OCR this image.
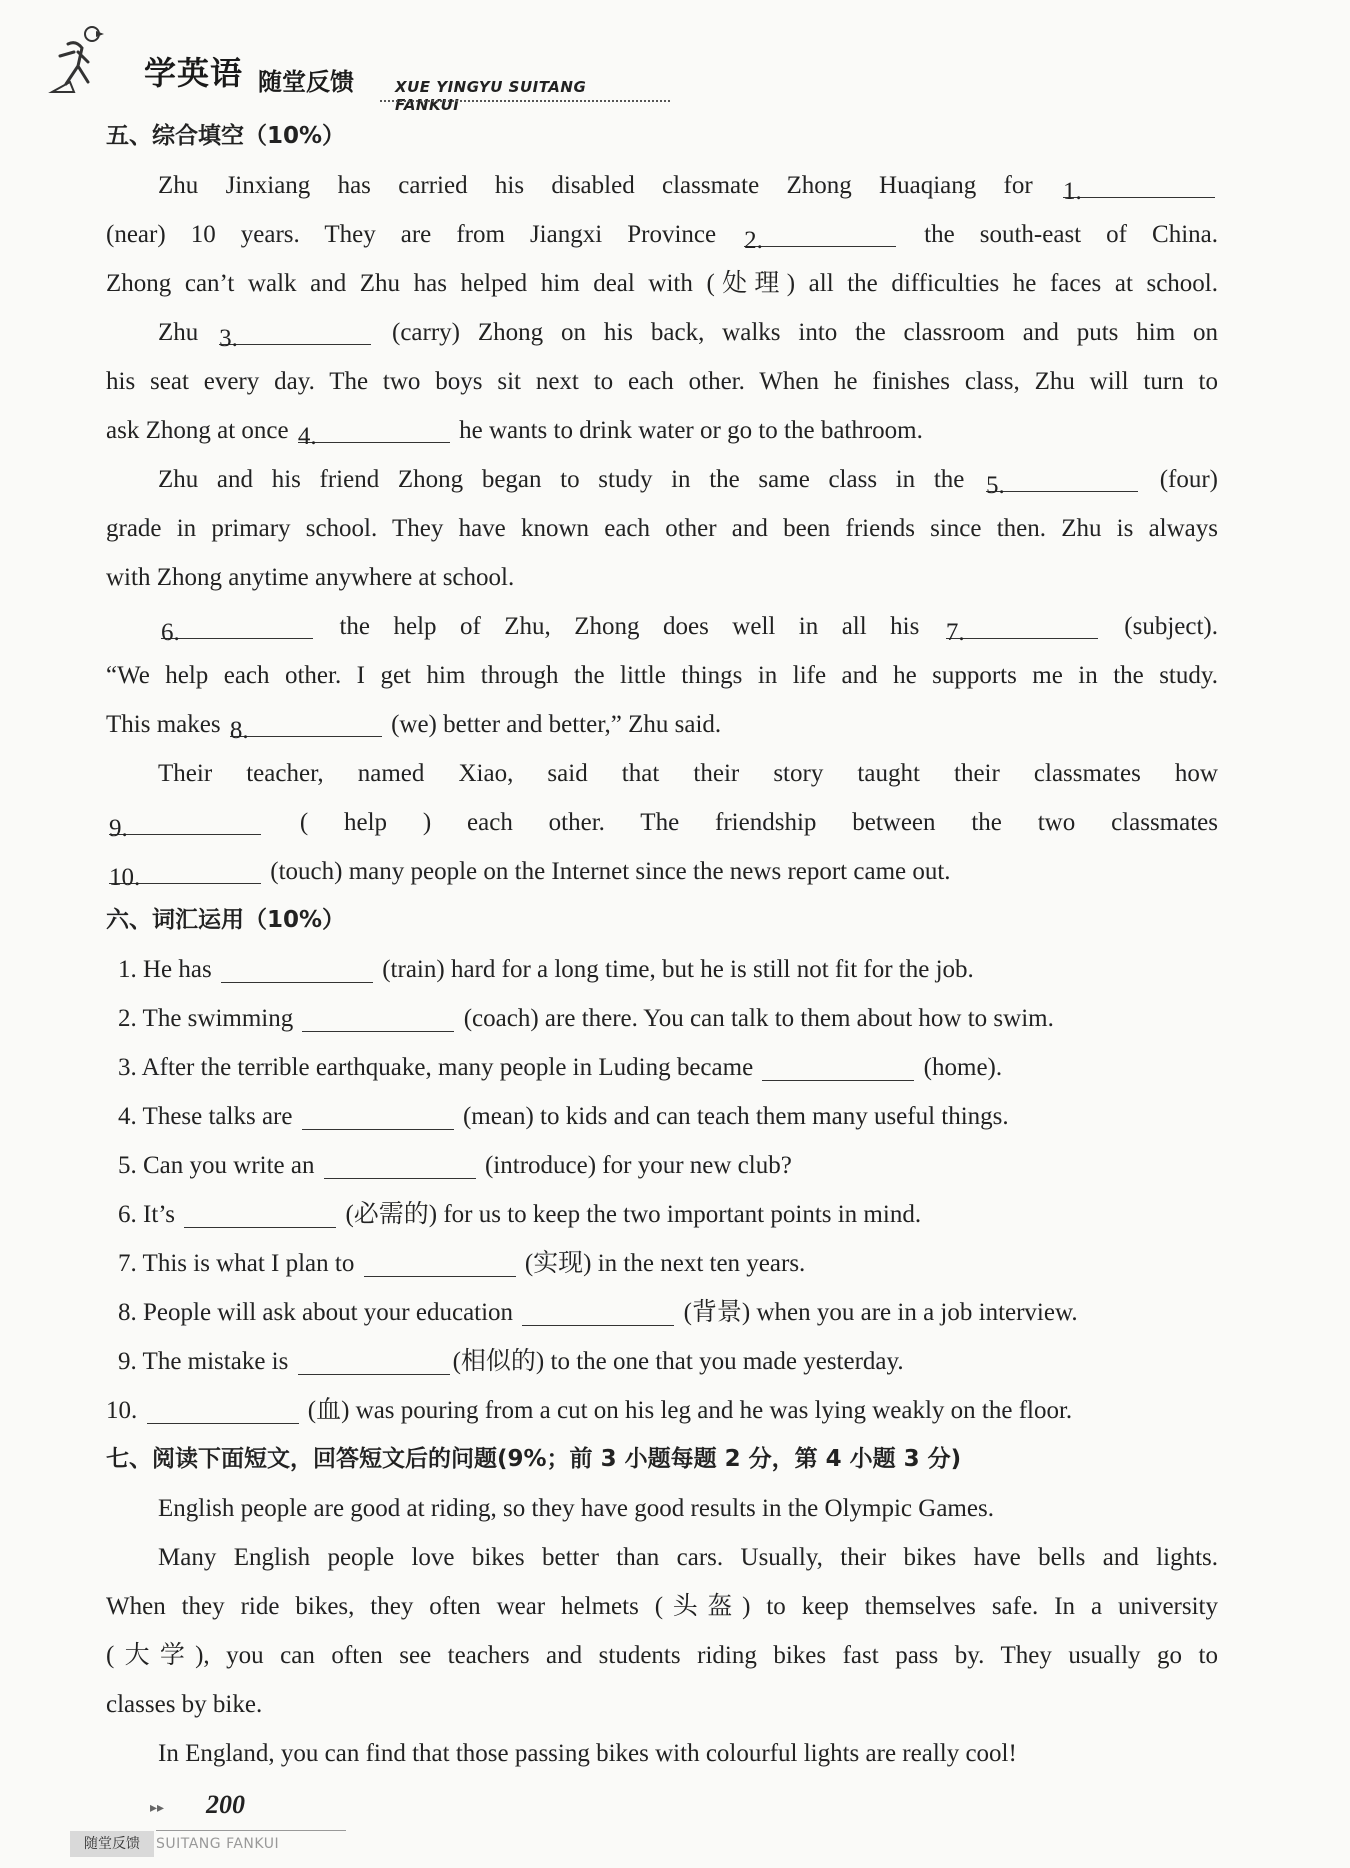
学英语 随堂反馈	XUE YINGYU SUITANG FANKUI
五、综合填空（10%）
Zhu Jinxiang has carried his disabled classmate Zhong Huaqiang for 1.
(near) 10 years. They are from Jiangxi Province 2.	the south-east of China.
Zhong can’t walk and Zhu has helped him deal with (处理) all the difficulties he faces at school.
Zhu 3.	(carry) Zhong on his back, walks into the classroom and puts him on
his seat every day. The two boys sit next to each other. When he finishes class, Zhu will turn to
ask Zhong at once 4.	he wants to drink water or go to the bathroom.
Zhu and his friend Zhong began to study in the same class in the 5.	(four)
grade in primary school. They have known each other and been friends since then. Zhu is always
with Zhong anytime anywhere at school.
6.	the help of Zhu, Zhong does well in all his 7.	(subject).
“We help each other. I get him through the little things in life and he supports me in the study.
This makes 8.	(we) better and better,” Zhu said.
Their teacher, named Xiao, said that their story taught their classmates how
9.	( help ) each other. The friendship between the two classmates
10.	(touch) many people on the Internet since the news report came out.
六、词汇运用（10%）
1. He has	(train) hard for a long time, but he is still not fit for the job.
2. The swimming	(coach) are there. You can talk to them about how to swim.
3. After the terrible earthquake, many people in Luding became	(home).
4. These talks are	(mean) to kids and can teach them many useful things.
5. Can you write an	(introduce) for your new club?
6. It’s	(必需的) for us to keep the two important points in mind.
7. This is what I plan to	(实现) in the next ten years.
8. People will ask about your education	(背景) when you are in a job interview.
9. The mistake is	(相似的) to the one that you made yesterday.
10.	(血) was pouring from a cut on his leg and he was lying weakly on the floor.
七、阅读下面短文，回答短文后的问题(9%；前 3 小题每题 2 分，第 4 小题 3 分)
English people are good at riding, so they have good results in the Olympic Games.
Many English people love bikes better than cars. Usually, their bikes have bells and lights.
When they ride bikes, they often wear helmets (头盔) to keep themselves safe. In a university
(大学), you can often see teachers and students riding bikes fast pass by. They usually go to
classes by bike.
In England, you can find that those passing bikes with colourful lights are really cool!
▸▸ 200
随堂反馈	SUITANG FANKUI
